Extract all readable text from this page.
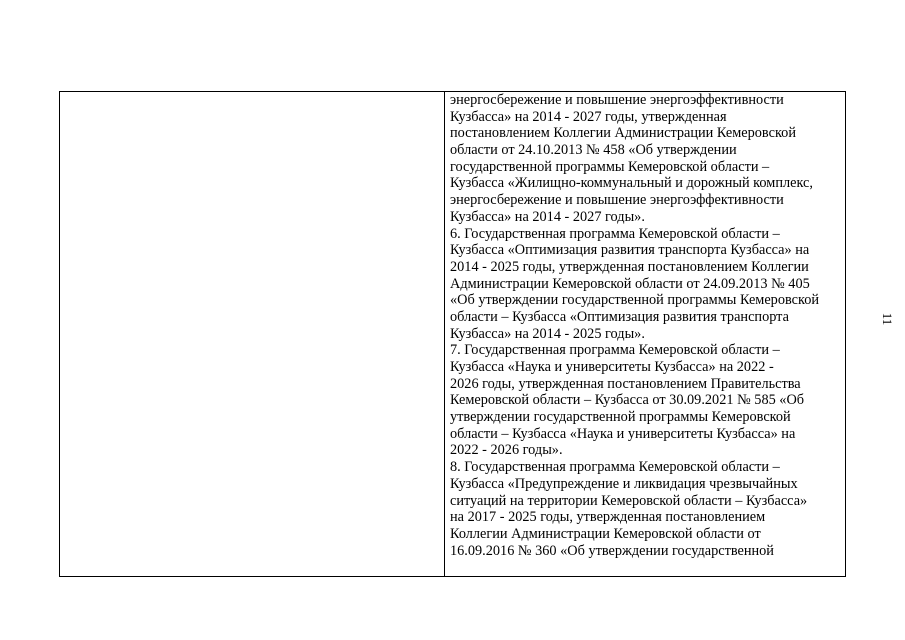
энергосбережение и повышение энергоэффективности
Кузбасса» на 2014 - 2027 годы, утвержденная
постановлением Коллегии Администрации Кемеровской
области от 24.10.2013 № 458 «Об утверждении
государственной программы Кемеровской области –
Кузбасса «Жилищно-коммунальный и дорожный комплекс,
энергосбережение и повышение энергоэффективности
Кузбасса» на 2014 - 2027 годы».
6. Государственная программа Кемеровской области –
Кузбасса «Оптимизация развития транспорта Кузбасса» на
2014 - 2025 годы, утвержденная постановлением Коллегии
Администрации Кемеровской области от 24.09.2013 № 405
«Об утверждении государственной программы Кемеровской
области – Кузбасса «Оптимизация развития транспорта
Кузбасса» на 2014 - 2025 годы».
7. Государственная программа Кемеровской области –
Кузбасса «Наука и университеты Кузбасса» на 2022 -
2026 годы, утвержденная постановлением Правительства
Кемеровской области – Кузбасса от 30.09.2021 № 585 «Об
утверждении государственной программы Кемеровской
области – Кузбасса «Наука и университеты Кузбасса» на
2022 - 2026 годы».
8. Государственная программа Кемеровской области –
Кузбасса «Предупреждение и ликвидация чрезвычайных
ситуаций на территории Кемеровской области – Кузбасса»
на 2017 - 2025 годы, утвержденная постановлением
Коллегии Администрации Кемеровской области от
16.09.2016 № 360 «Об утверждении государственной
11
